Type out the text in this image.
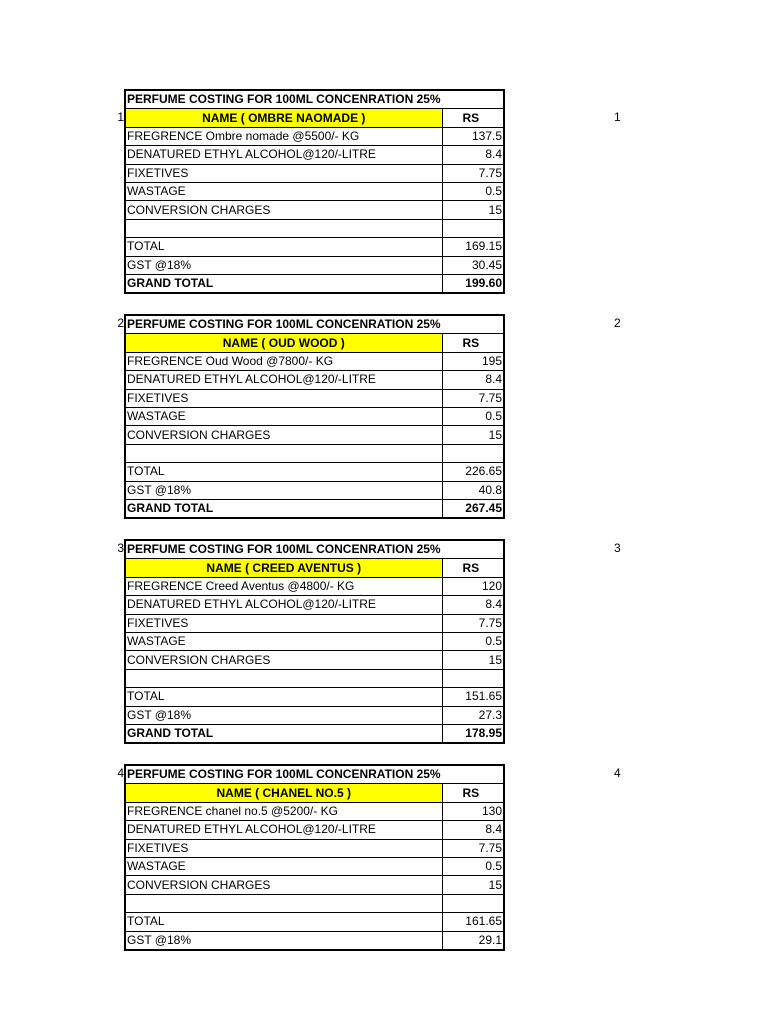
1	1
PERFUME COSTING FOR 100ML CONCENRATION 25%	
NAME ( OMBRE NAOMADE )	RS
FREGRENCE Ombre nomade @5500/- KG	137.5
DENATURED ETHYL ALCOHOL@120/-LITRE	8.4
FIXETIVES	7.75
WASTAGE	0.5
CONVERSION CHARGES	15

TOTAL	169.15
GST @18%	30.45
GRAND TOTAL	199.60
2	2
PERFUME COSTING FOR 100ML CONCENRATION 25%	
NAME ( OUD WOOD )	RS
FREGRENCE Oud Wood @7800/- KG	195
DENATURED ETHYL ALCOHOL@120/-LITRE	8.4
FIXETIVES	7.75
WASTAGE	0.5
CONVERSION CHARGES	15

TOTAL	226.65
GST @18%	40.8
GRAND TOTAL	267.45
3	3
PERFUME COSTING FOR 100ML CONCENRATION 25%	
NAME ( CREED AVENTUS )	RS
FREGRENCE Creed Aventus @4800/- KG	120
DENATURED ETHYL ALCOHOL@120/-LITRE	8.4
FIXETIVES	7.75
WASTAGE	0.5
CONVERSION CHARGES	15

TOTAL	151.65
GST @18%	27.3
GRAND TOTAL	178.95
4	4
PERFUME COSTING FOR 100ML CONCENRATION 25%	
NAME ( CHANEL NO.5 )	RS
FREGRENCE chanel no.5 @5200/- KG	130
DENATURED ETHYL ALCOHOL@120/-LITRE	8.4
FIXETIVES	7.75
WASTAGE	0.5
CONVERSION CHARGES	15

TOTAL	161.65
GST @18%	29.1
